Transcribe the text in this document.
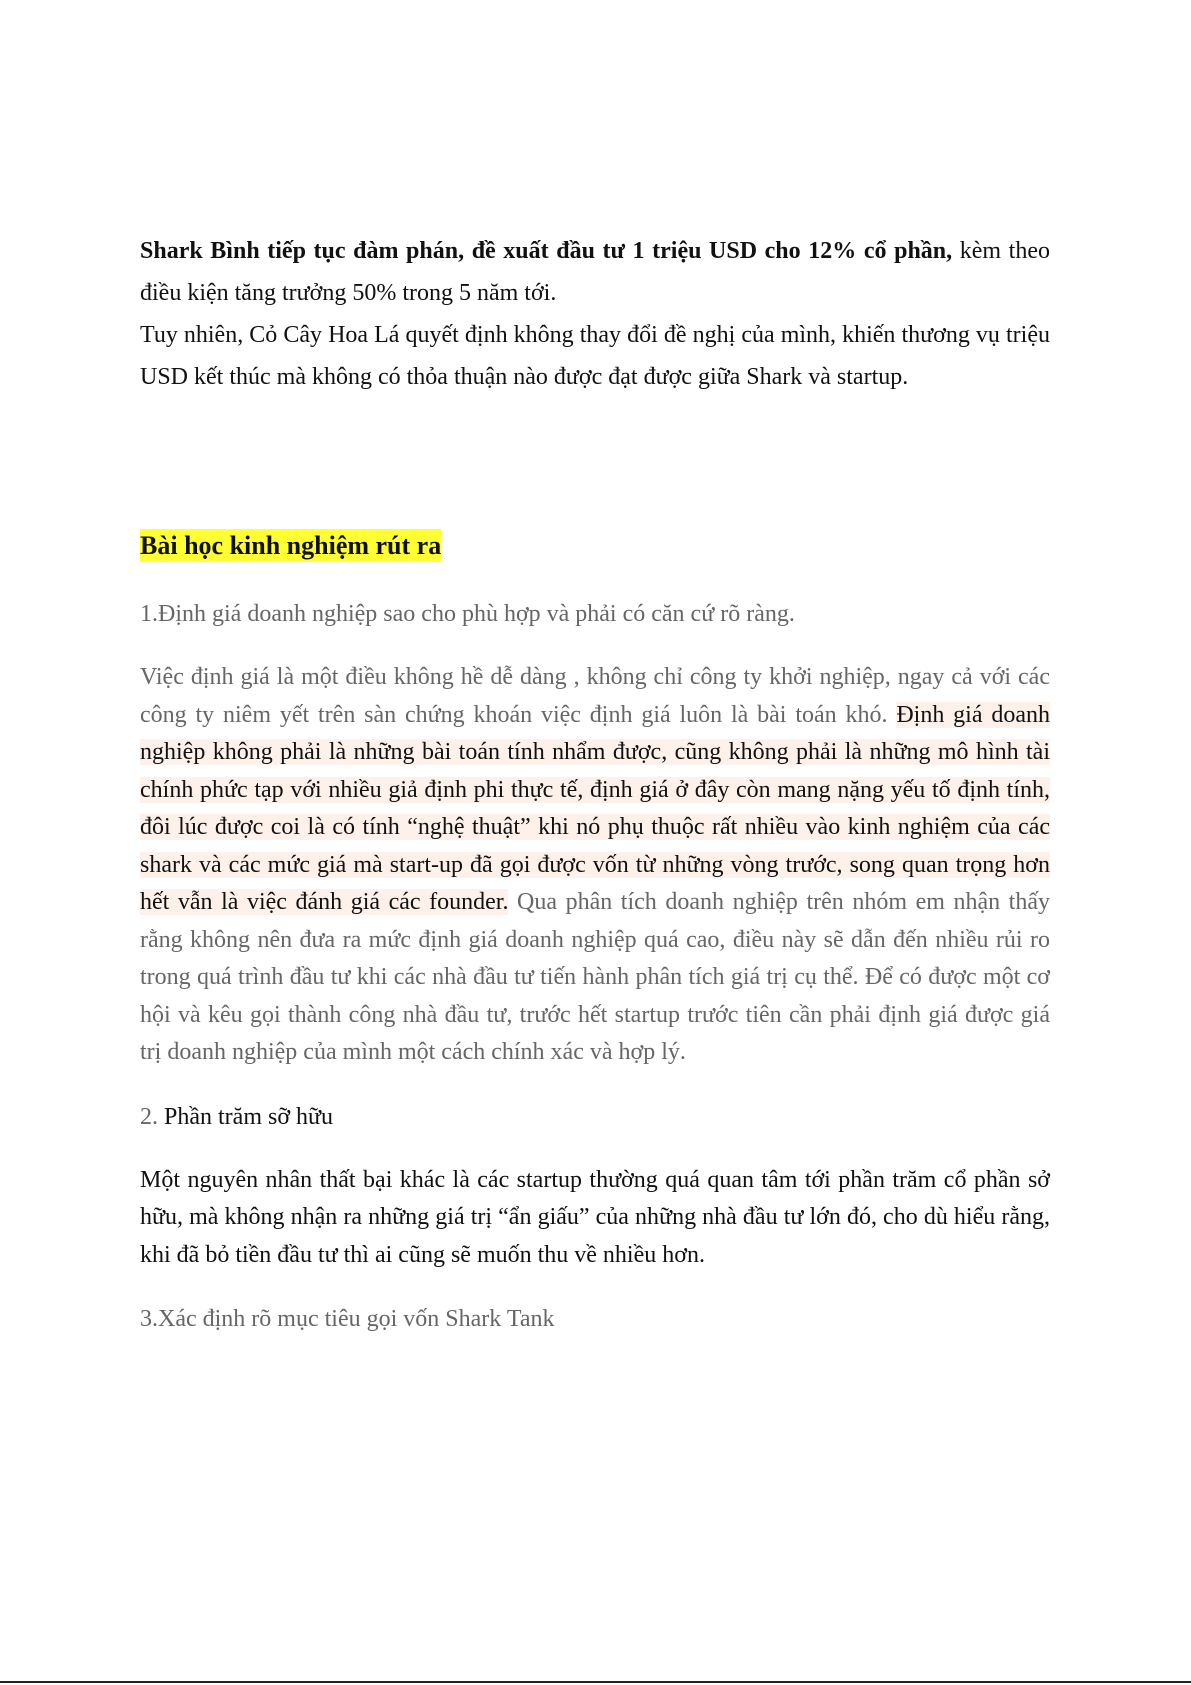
Shark Bình tiếp tục đàm phán, đề xuất đầu tư 1 triệu USD cho 12% cổ phần, kèm theo điều kiện tăng trưởng 50% trong 5 năm tới.

Tuy nhiên, Cỏ Cây Hoa Lá quyết định không thay đổi đề nghị của mình, khiến thương vụ triệu USD kết thúc mà không có thỏa thuận nào được đạt được giữa Shark và startup.

Bài học kinh nghiệm rút ra

1.Định giá doanh nghiệp sao cho phù hợp và phải có căn cứ rõ ràng.

Việc định giá là một điều không hề dễ dàng , không chỉ công ty khởi nghiệp, ngay cả với các công ty niêm yết trên sàn chứng khoán việc định giá luôn là bài toán khó. Định giá doanh nghiệp không phải là những bài toán tính nhẩm được, cũng không phải là những mô hình tài chính phức tạp với nhiều giả định phi thực tế, định giá ở đây còn mang nặng yếu tố định tính, đôi lúc được coi là có tính “nghệ thuật” khi nó phụ thuộc rất nhiều vào kinh nghiệm của các shark và các mức giá mà start-up đã gọi được vốn từ những vòng trước, song quan trọng hơn hết vẫn là việc đánh giá các founder. Qua phân tích doanh nghiệp trên nhóm em nhận thấy rằng không nên đưa ra mức định giá doanh nghiệp quá cao, điều này sẽ dẫn đến nhiều rủi ro trong quá trình đầu tư khi các nhà đầu tư tiến hành phân tích giá trị cụ thể. Để có được một cơ hội và kêu gọi thành công nhà đầu tư, trước hết startup trước tiên cần phải định giá được giá trị doanh nghiệp của mình một cách chính xác và hợp lý.

2. Phần trăm sỡ hữu

Một nguyên nhân thất bại khác là các startup thường quá quan tâm tới phần trăm cổ phần sở hữu, mà không nhận ra những giá trị “ẩn giấu” của những nhà đầu tư lớn đó, cho dù hiểu rằng, khi đã bỏ tiền đầu tư thì ai cũng sẽ muốn thu về nhiều hơn.

3.Xác định rõ mục tiêu gọi vốn Shark Tank
